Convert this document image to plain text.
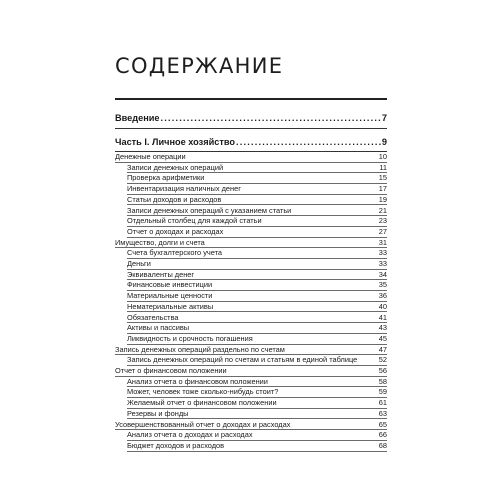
СОДЕРЖАНИЕ
Введение .....	7
Часть I. Личное хозяйство .....	9
Денежные операции	10
Записи денежных операций	11
Проверка арифметики	15
Инвентаризация наличных денег	17
Статьи доходов и расходов	19
Записи денежных операций с указанием статьи	21
Отдельный столбец для каждой статьи	23
Отчет о доходах и расходах	27
Имущество, долги и счета	31
Счета бухгалтерского учета	33
Деньги	33
Эквиваленты денег	34
Финансовые инвестиции	35
Материальные ценности	36
Нематериальные активы	40
Обязательства	41
Активы и пассивы	43
Ликвидность и срочность погашения	45
Запись денежных операций раздельно по счетам	47
Запись денежных операций по счетам и статьям в единой таблице	52
Отчет о финансовом положении	56
Анализ отчета о финансовом положении	58
Может, человек тоже сколько-нибудь стоит?	59
Желаемый отчет о финансовом положении	61
Резервы и фонды	63
Усовершенствованный отчет о доходах и расходах	65
Анализ отчета о доходах и расходах	66
Бюджет доходов и расходов	68
